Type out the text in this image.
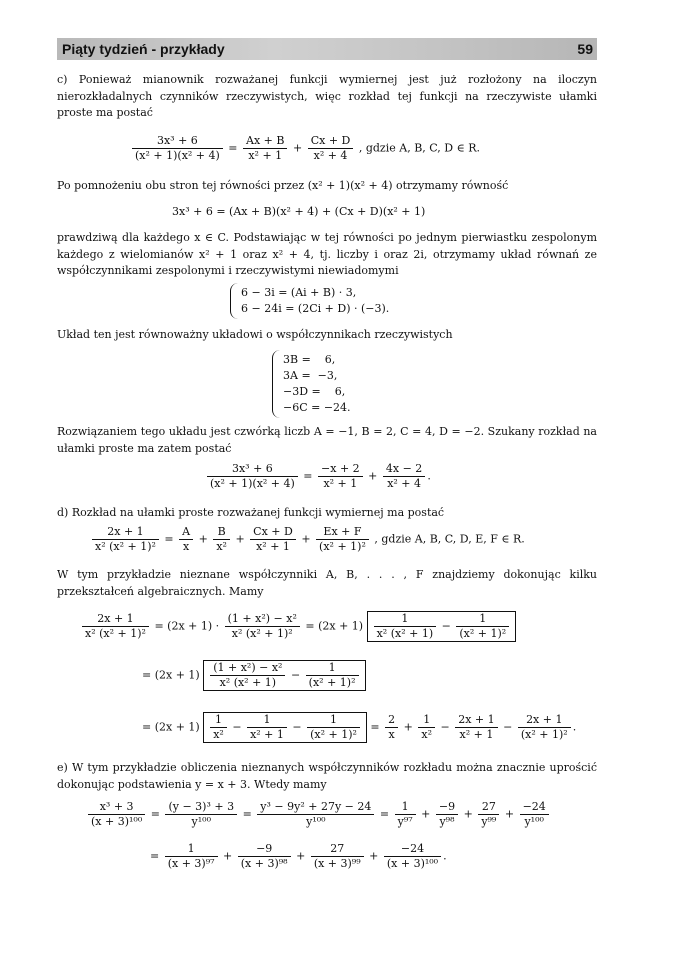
Piąty tydzień - przykłady	59
c) Ponieważ mianownik rozważanej funkcji wymiernej jest już rozłożony na iloczyn nierozkładalnych czynników rzeczywistych, więc rozkład tej funkcji na rzeczywiste ułamki proste ma postać
$\frac{\text{3x³ + 6}}{\text{(x² + 1)(x² + 4)}} = \frac{Ax + B}{\text{x² + 1}} + \frac{Cx + D}{\text{x² + 4}}$ , gdzie A, B, C, D ∈ R.
Po pomnożeniu obu stron tej równości przez (x² + 1)(x² + 4) otrzymamy równość
3x³ + 6 = (Ax + B)(x² + 4) + (Cx + D)(x² + 1)
prawdziwą dla każdego x ∈ C. Podstawiając w tej równości po jednym pierwiastku zespolonym każdego z wielomianów x² + 1 oraz x² + 4, tj. liczby i oraz 2i, otrzymamy układ równań ze współczynnikami zespolonymi i rzeczywistymi niewiadomymi
6 − 3i = (Ai + B) · 3,
6 − 24i = (2Ci + D) · (−3).
Układ ten jest równoważny układowi o współczynnikach rzeczywistych
3B =    6,
3A =  −3,
−3D =    6,
−6C = −24.
Rozwiązaniem tego układu jest czwórką liczb A = −1, B = 2, C = 4, D = −2. Szukany rozkład na ułamki proste ma zatem postać
$\frac{\text{3x³ + 6}}{\text{(x² + 1)(x² + 4)}} = \frac{-x + 2}{\text{x² + 1}} + \frac{4x - 2}{\text{x² + 4}}$ .
d) Rozkład na ułamki proste rozważanej funkcji wymiernej ma postać
$\frac{2x + 1}{\text{x² (x² + 1)²}} = \frac{A}{x} + \frac{B}{\text{x²}} + \frac{Cx + D}{\text{x² + 1}} + \frac{Ex + F}{\text{(x² + 1)²}}$ , gdzie A, B, C, D, E, F ∈ R.
W tym przykładzie nieznane współczynniki A, B, . . . , F znajdziemy dokonując kilku przekształceń algebraicznych. Mamy
$\frac{2x + 1}{\text{x² (x² + 1)²}} = (2x + 1) \cdot \frac{\text{(1 + x²) − x²}}{\text{x² (x² + 1)²}} = (2x + 1) \frac{1}{\text{x² (x² + 1)}} - \frac{1}{\text{(x² + 1)²}}$
= $(2x + 1) \frac{\text{(1 + x²) − x²}}{\text{x² (x² + 1)}} - \frac{1}{\text{(x² + 1)²}}$
= $(2x + 1) \frac{1}{\text{x²}} - \frac{1}{\text{x² + 1}} - \frac{1}{\text{(x² + 1)²}} = \frac{2}{x} + \frac{1}{\text{x²}} - \frac{2x + 1}{\text{x² + 1}} - \frac{2x + 1}{\text{(x² + 1)²}}$ .
e) W tym przykładzie obliczenia nieznanych współczynników rozkładu można znacznie uprościć dokonując podstawienia y = x + 3. Wtedy mamy
$\frac{\text{x³ + 3}}{\text{(x + 3)¹⁰⁰}} = \frac{\text{(y − 3)³ + 3}}{\text{y¹⁰⁰}} = \frac{\text{y³ − 9y² + 27y − 24}}{\text{y¹⁰⁰}} = \frac{1}{\text{y⁹⁷}} + \frac{-9}{\text{y⁹⁸}} + \frac{27}{\text{y⁹⁹}} + \frac{-24}{\text{y¹⁰⁰}}$
= $\frac{1}{\text{(x + 3)⁹⁷}} + \frac{-9}{\text{(x + 3)⁹⁸}} + \frac{27}{\text{(x + 3)⁹⁹}} + \frac{-24}{\text{(x + 3)¹⁰⁰}}$ .
